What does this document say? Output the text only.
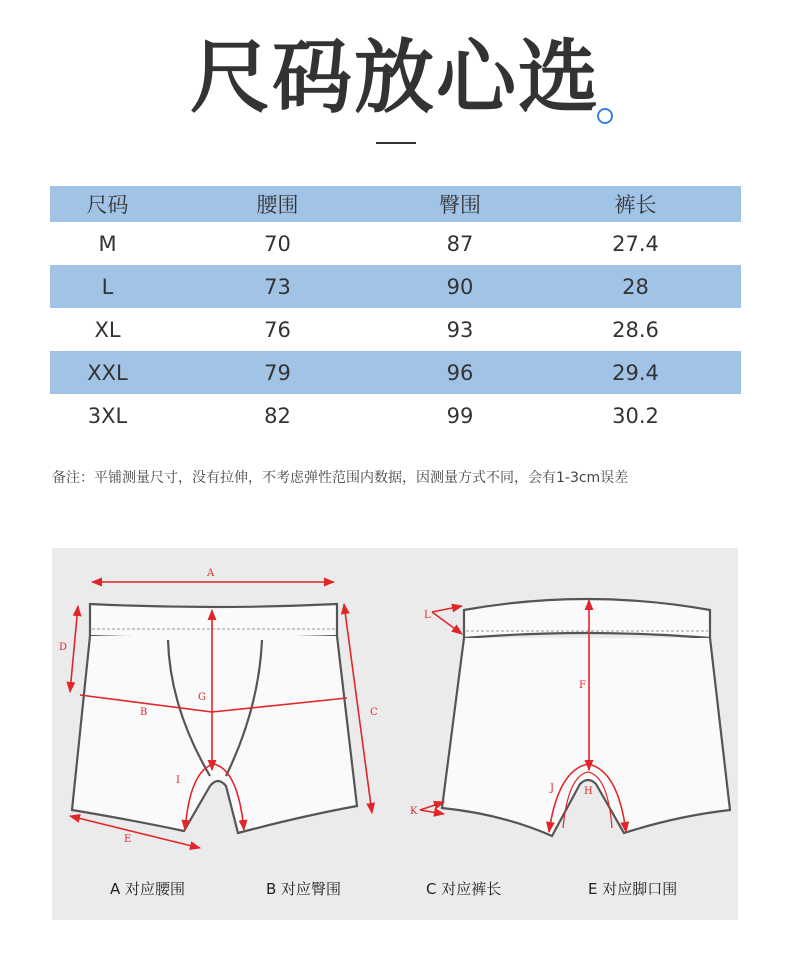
尺码放心选
尺码	腰围	臀围	裤长
M	70	87	27.4
L	73	90	28
XL	76	93	28.6
XXL	79	96	29.4
3XL	82	99	30.2
备注：平铺测量尺寸，没有拉伸，不考虑弹性范围内数据，因测量方式不同，会有1-3cm误差
A
B	C
D
E
G
I
F
H
J
K
L
A 对应腰围	B 对应臀围	C 对应裤长	E 对应脚口围
